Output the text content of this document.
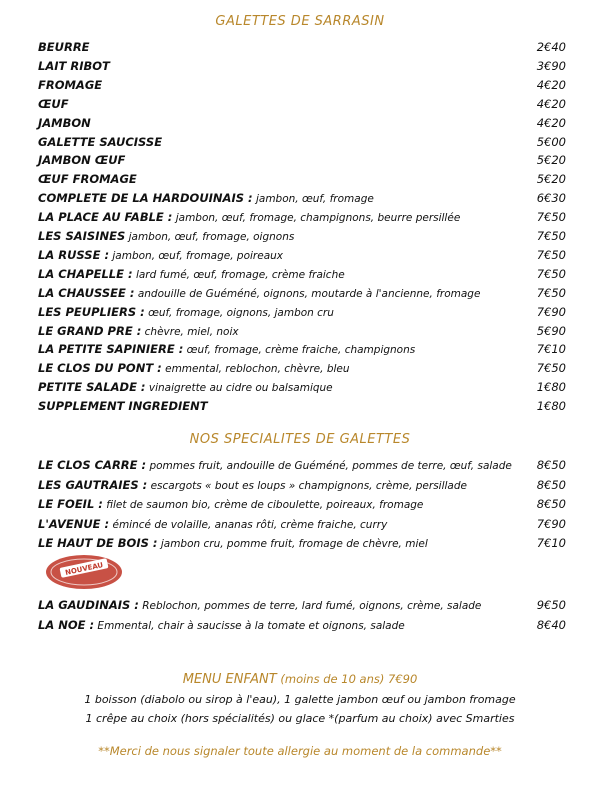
GALETTES DE SARRASIN
BEURRE	2€40
LAIT RIBOT	3€90
FROMAGE	4€20
ŒUF	4€20
JAMBON	4€20
GALETTE SAUCISSE	5€00
JAMBON ŒUF	5€20
ŒUF FROMAGE	5€20
COMPLETE DE LA HARDOUINAIS : jambon, œuf, fromage	6€30
LA PLACE AU FABLE : jambon, œuf, fromage, champignons, beurre persillée	7€50
LES SAISINES jambon, œuf, fromage, oignons	7€50
LA RUSSE : jambon, œuf, fromage, poireaux	7€50
LA CHAPELLE : lard fumé, œuf, fromage, crème fraiche	7€50
LA CHAUSSEE : andouille de Guéméné, oignons, moutarde à l'ancienne, fromage	7€50
LES PEUPLIERS : œuf, fromage, oignons, jambon cru	7€90
LE GRAND PRE : chèvre, miel, noix	5€90
LA PETITE SAPINIERE : œuf, fromage, crème fraiche, champignons	7€10
LE CLOS DU PONT : emmental, reblochon, chèvre, bleu	7€50
PETITE SALADE : vinaigrette au cidre ou balsamique	1€80
SUPPLEMENT INGREDIENT	1€80
NOS SPECIALITES DE GALETTES
LE CLOS CARRE : pommes fruit, andouille de Guéméné, pommes de terre, œuf, salade 8€50
LES GAUTRAIES : escargots « bout es loups » champignons, crème, persillade	8€50
LE FOEIL : filet de saumon bio, crème de ciboulette, poireaux, fromage	8€50
L'AVENUE : émincé de volaille, ananas rôti, crème fraiche, curry	7€90
LE HAUT DE BOIS : jambon cru, pomme fruit, fromage de chèvre, miel	7€10
LA GAUDINAIS : Reblochon, pommes de terre, lard fumé, oignons, crème, salade	9€50
LA NOE : Emmental, chair à saucisse à la tomate et oignons, salade	8€40
NOUVEAU
MENU ENFANT (moins de 10 ans) 7€90
1 boisson (diabolo ou sirop à l'eau), 1 galette jambon œuf ou jambon fromage
1 crêpe au choix (hors spécialités) ou glace *(parfum au choix) avec Smarties
**Merci de nous signaler toute allergie au moment de la commande**
